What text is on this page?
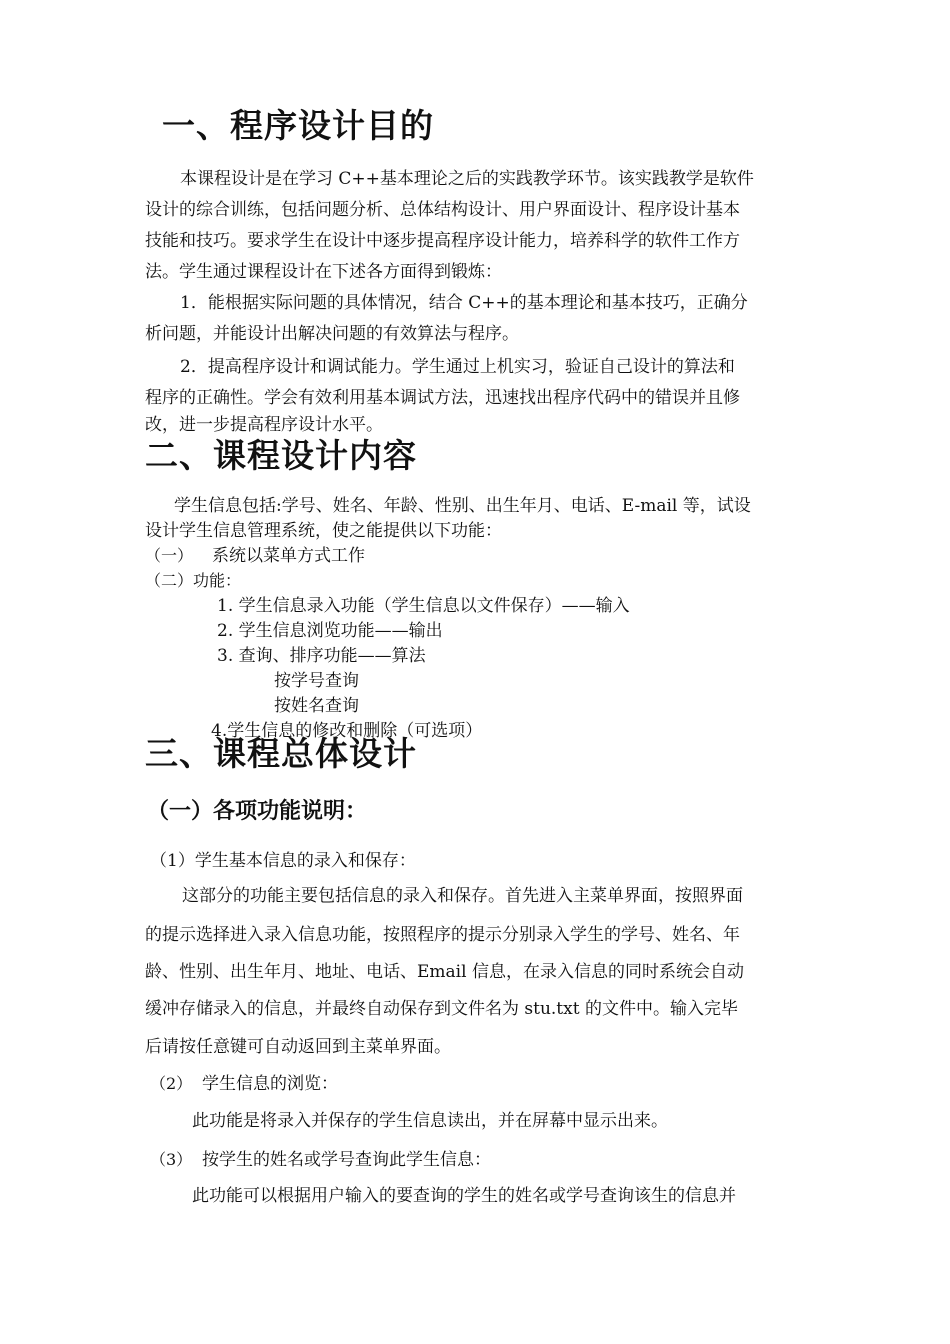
一、程序设计目的
本课程设计是在学习 C++基本理论之后的实践教学环节。该实践教学是软件
设计的综合训练，包括问题分析、总体结构设计、用户界面设计、程序设计基本
技能和技巧。要求学生在设计中逐步提高程序设计能力，培养科学的软件工作方
法。学生通过课程设计在下述各方面得到锻炼：
1．能根据实际问题的具体情况，结合 C++的基本理论和基本技巧，正确分
析问题，并能设计出解决问题的有效算法与程序。
2．提高程序设计和调试能力。学生通过上机实习，验证自己设计的算法和
程序的正确性。学会有效利用基本调试方法，迅速找出程序代码中的错误并且修
改，进一步提高程序设计水平。
二、课程设计内容
学生信息包括:学号、姓名、年龄、性别、出生年月、电话、E-mail 等，试设
设计学生信息管理系统，使之能提供以下功能：
（一） 系统以菜单方式工作
（二）功能：
1. 学生信息录入功能（学生信息以文件保存）——输入
2. 学生信息浏览功能——输出
3. 查询、排序功能——算法
按学号查询
按姓名查询
4.学生信息的修改和删除（可选项）
三、课程总体设计
（一）各项功能说明：
（1）学生基本信息的录入和保存：
这部分的功能主要包括信息的录入和保存。首先进入主菜单界面，按照界面
的提示选择进入录入信息功能，按照程序的提示分别录入学生的学号、姓名、年
龄、性别、出生年月、地址、电话、Email 信息，在录入信息的同时系统会自动
缓冲存储录入的信息，并最终自动保存到文件名为 stu.txt 的文件中。输入完毕
后请按任意键可自动返回到主菜单界面。
（2） 学生信息的浏览：
此功能是将录入并保存的学生信息读出，并在屏幕中显示出来。
（3） 按学生的姓名或学号查询此学生信息：
此功能可以根据用户输入的要查询的学生的姓名或学号查询该生的信息并
